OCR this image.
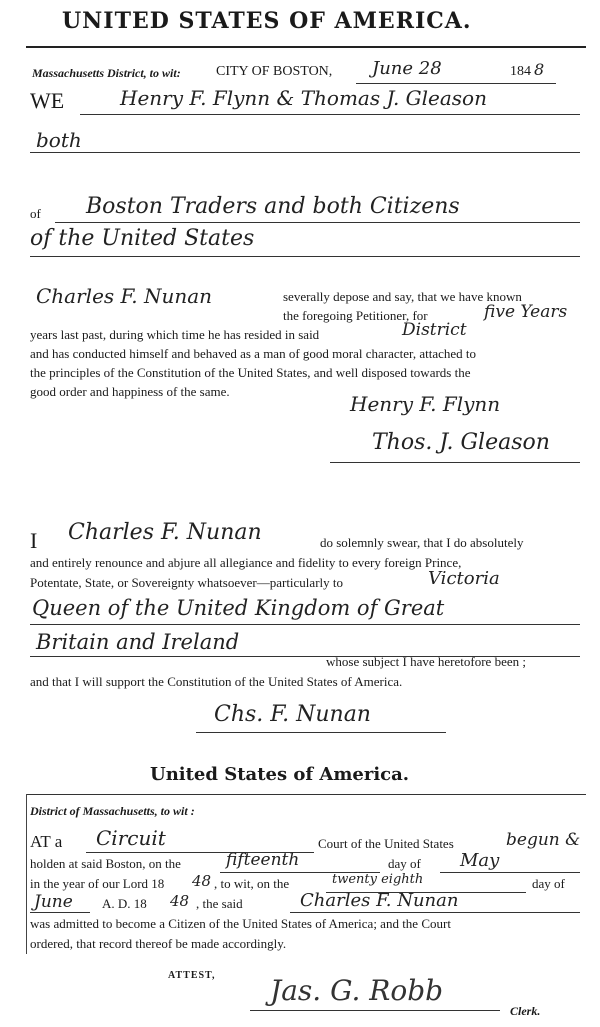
UNITED STATES OF AMERICA.
Massachusetts District, to wit:	CITY OF BOSTON, June 28	184 8
WE	Henry F. Flynn & Thomas J. Gleason
both
of Boston Traders and both Citizens
of the United States
Charles F. Nunan	severally depose and say, that we have known
the foregoing Petitioner, for	five Years
years last past, during which time he has resided in said	District
and has conducted himself and behaved as a man of good moral character, attached to
the principles of the Constitution of the United States, and well disposed towards the
good order and happiness of the same.
Henry F. Flynn
Thos. J. Gleason
I Charles F. Nunan	do solemnly swear, that I do absolutely
and entirely renounce and abjure all allegiance and fidelity to every foreign Prince,
Potentate, State, or Sovereignty whatsoever—particularly to	Victoria
Queen of the United Kingdom of Great
Britain and Ireland
whose subject I have heretofore been ;
and that I will support the Constitution of the United States of America.
Chs. F. Nunan
United States of America.
District of Massachusetts, to wit :
AT a Circuit	Court of the United States	begun &
holden at said Boston, on the	fifteenth	day of May
in the year of our Lord 18 48 , to wit, on the	twenty eighth	day of
June A. D. 18 48 , the said	Charles F. Nunan
was admitted to become a Citizen of the United States of America; and the Court
ordered, that record thereof be made accordingly.
ATTEST, Jas. G. Robb
Clerk.
